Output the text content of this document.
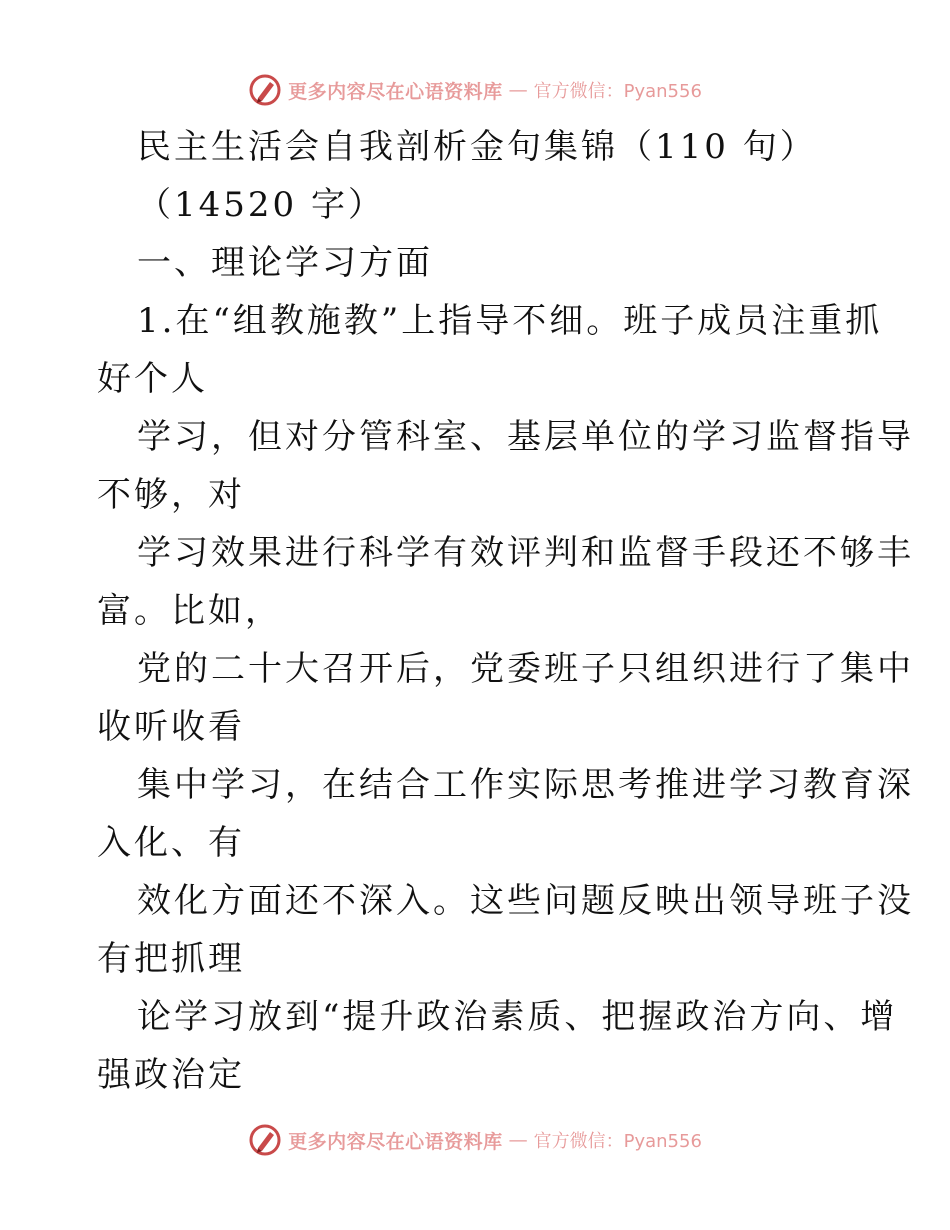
更多内容尽在心语资料库 — 官方微信：Pyan556
民主生活会自我剖析金句集锦（110 句）
（14520 字）
一、理论学习方面
1.在“组教施教”上指导不细。班子成员注重抓
好个人
学习，但对分管科室、基层单位的学习监督指导
不够，对
学习效果进行科学有效评判和监督手段还不够丰
富。比如，
党的二十大召开后，党委班子只组织进行了集中
收听收看
集中学习，在结合工作实际思考推进学习教育深
入化、有
效化方面还不深入。这些问题反映出领导班子没
有把抓理
论学习放到“提升政治素质、把握政治方向、增
强政治定
更多内容尽在心语资料库 — 官方微信：Pyan556
